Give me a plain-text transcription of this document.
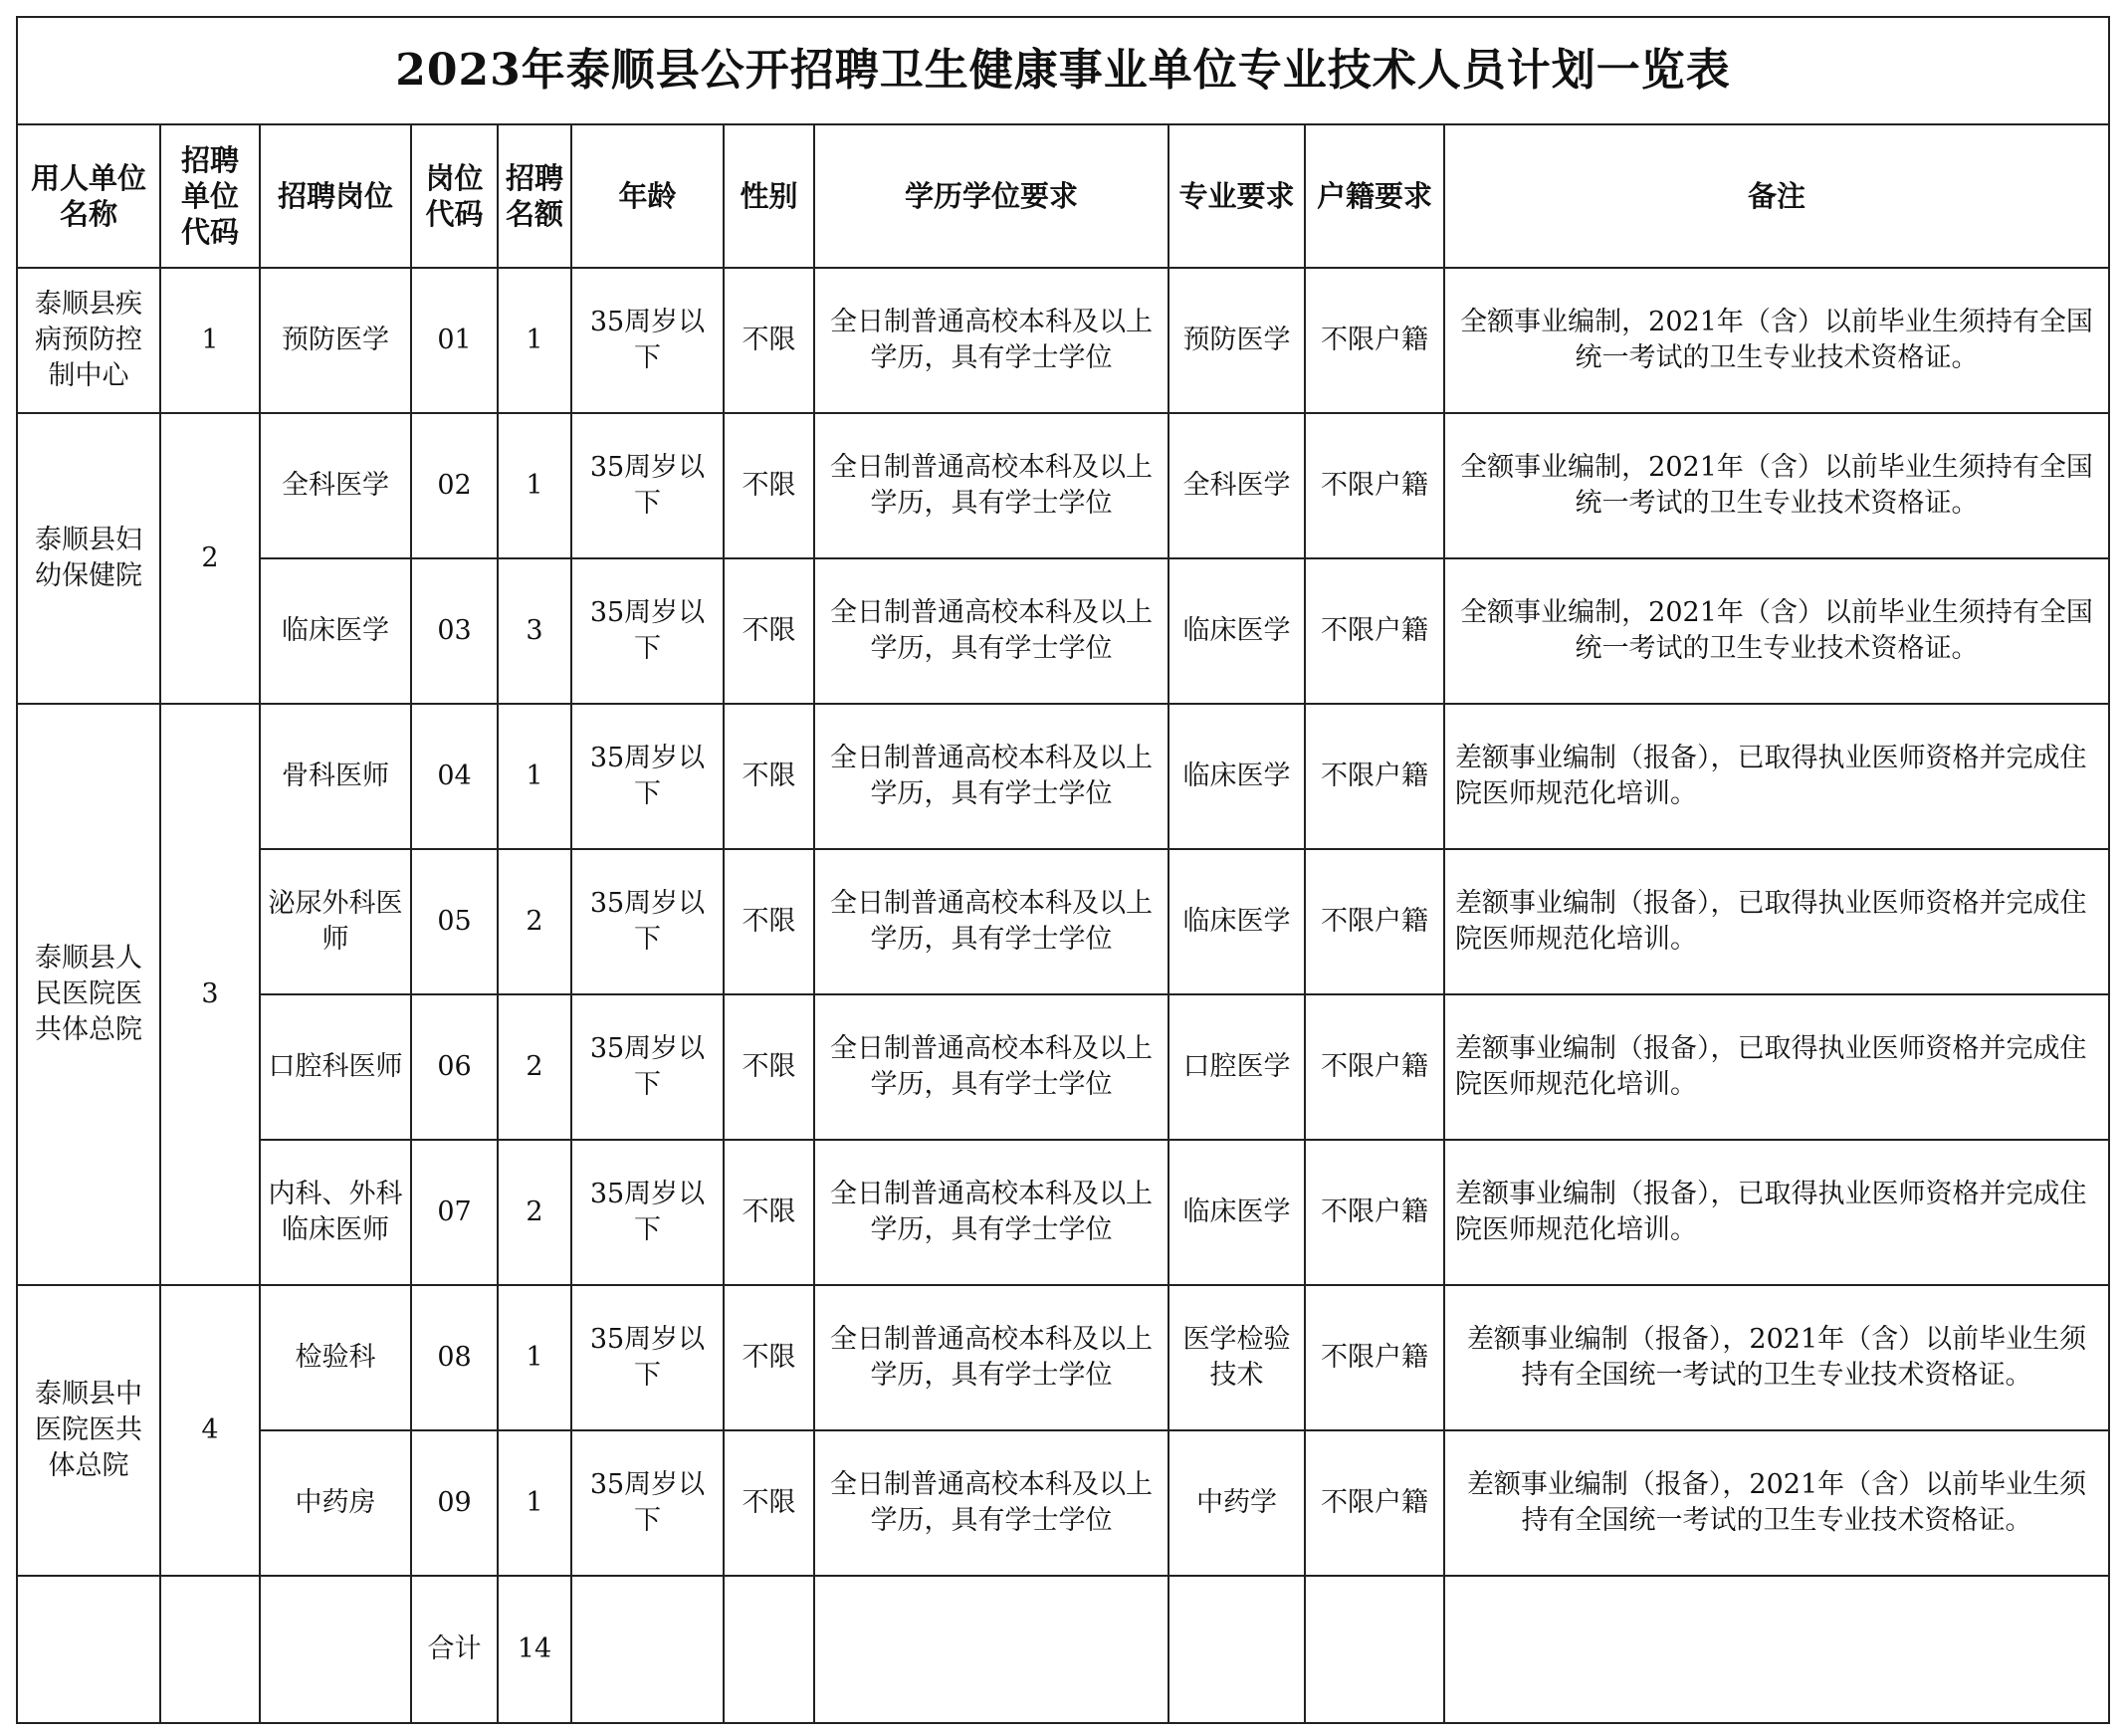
2023年泰顺县公开招聘卫生健康事业单位专业技术人员计划一览表										
用人单位名称	招聘单位代码	招聘岗位	岗位代码	招聘名额	年龄	性别	学历学位要求	专业要求	户籍要求	备注
泰顺县疾病预防控制中心	1	预防医学	01	1	35周岁以下	不限	全日制普通高校本科及以上学历，具有学士学位	预防医学	不限户籍	全额事业编制，2021年（含）以前毕业生须持有全国统一考试的卫生专业技术资格证。
泰顺县妇幼保健院	2	全科医学	02	1	35周岁以下	不限	全日制普通高校本科及以上学历，具有学士学位	全科医学	不限户籍	全额事业编制，2021年（含）以前毕业生须持有全国统一考试的卫生专业技术资格证。
		临床医学	03	3	35周岁以下	不限	全日制普通高校本科及以上学历，具有学士学位	临床医学	不限户籍	全额事业编制，2021年（含）以前毕业生须持有全国统一考试的卫生专业技术资格证。
泰顺县人民医院医共体总院	3	骨科医师	04	1	35周岁以下	不限	全日制普通高校本科及以上学历，具有学士学位	临床医学	不限户籍	差额事业编制（报备），已取得执业医师资格并完成住院医师规范化培训。
		泌尿外科医师	05	2	35周岁以下	不限	全日制普通高校本科及以上学历，具有学士学位	临床医学	不限户籍	差额事业编制（报备），已取得执业医师资格并完成住院医师规范化培训。
		口腔科医师	06	2	35周岁以下	不限	全日制普通高校本科及以上学历，具有学士学位	口腔医学	不限户籍	差额事业编制（报备），已取得执业医师资格并完成住院医师规范化培训。
		内科、外科临床医师	07	2	35周岁以下	不限	全日制普通高校本科及以上学历，具有学士学位	临床医学	不限户籍	差额事业编制（报备），已取得执业医师资格并完成住院医师规范化培训。
泰顺县中医院医共体总院	4	检验科	08	1	35周岁以下	不限	全日制普通高校本科及以上学历，具有学士学位	医学检验技术	不限户籍	差额事业编制（报备），2021年（含）以前毕业生须持有全国统一考试的卫生专业技术资格证。
		中药房	09	1	35周岁以下	不限	全日制普通高校本科及以上学历，具有学士学位	中药学	不限户籍	差额事业编制（报备），2021年（含）以前毕业生须持有全国统一考试的卫生专业技术资格证。
			合计	14						
